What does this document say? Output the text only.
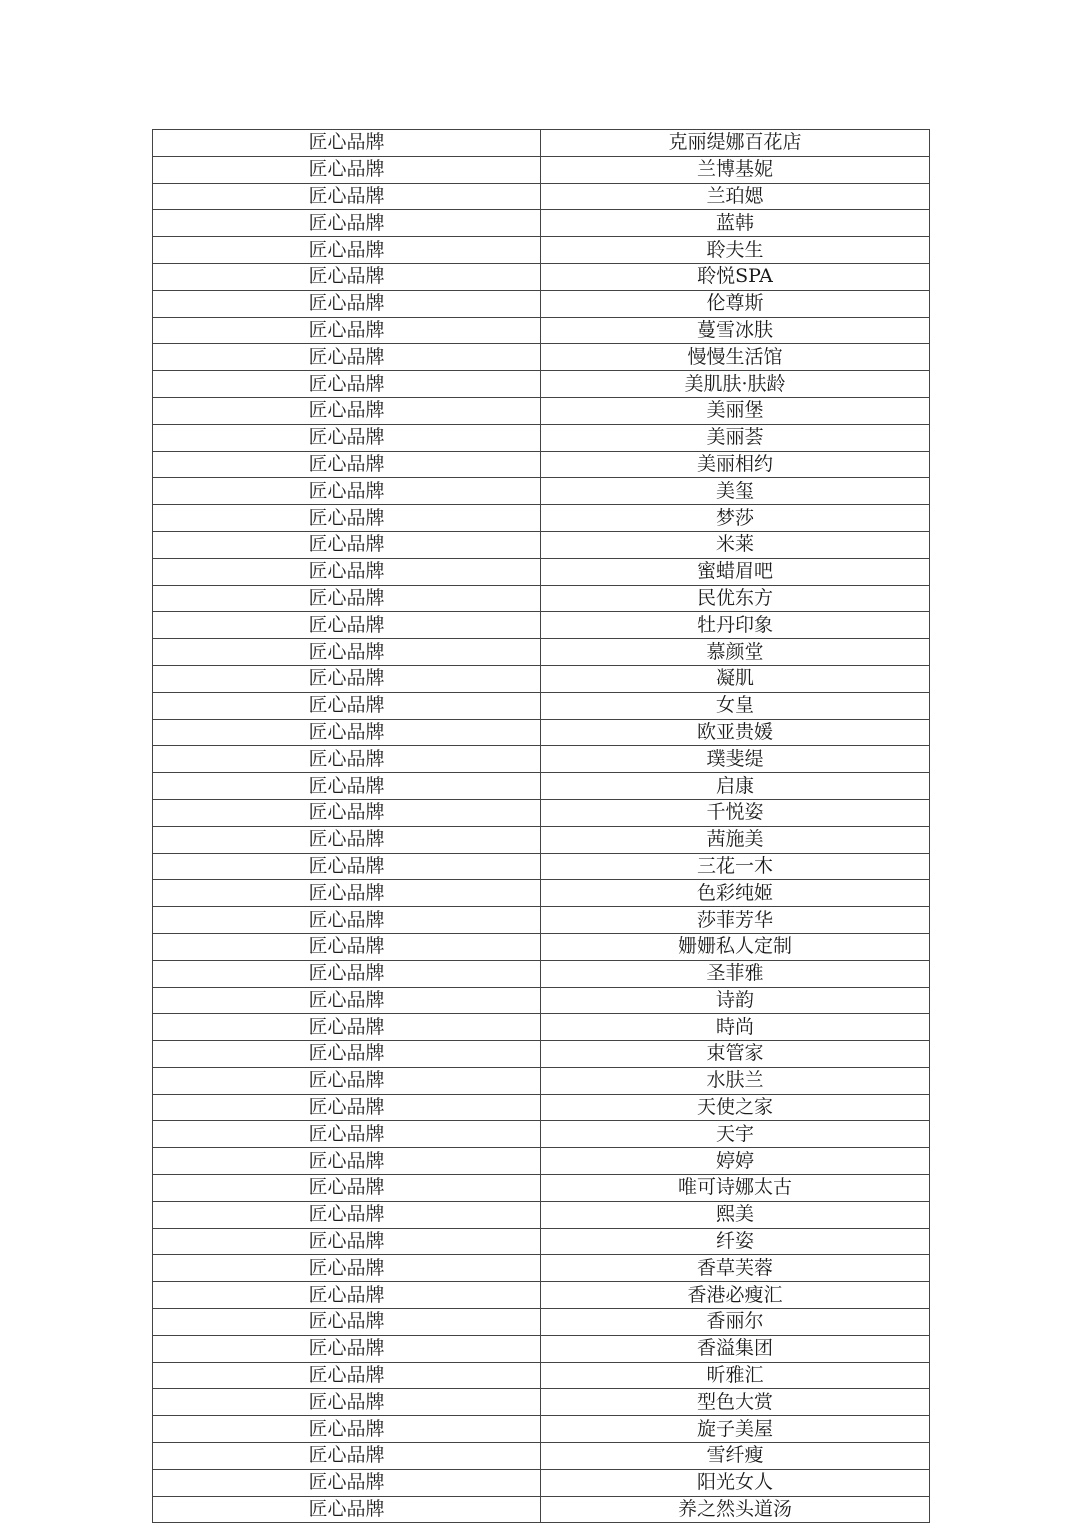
匠心品牌	克丽缇娜百花店
匠心品牌	兰博基妮
匠心品牌	兰珀媤
匠心品牌	蓝韩
匠心品牌	聆夫生
匠心品牌	聆悦SPA
匠心品牌	伦尊斯
匠心品牌	蔓雪冰肤
匠心品牌	慢慢生活馆
匠心品牌	美肌肤·肤龄
匠心品牌	美丽堡
匠心品牌	美丽荟
匠心品牌	美丽相约
匠心品牌	美玺
匠心品牌	梦莎
匠心品牌	米莱
匠心品牌	蜜蜡眉吧
匠心品牌	民优东方
匠心品牌	牡丹印象
匠心品牌	慕颜堂
匠心品牌	凝肌
匠心品牌	女皇
匠心品牌	欧亚贵媛
匠心品牌	璞斐缇
匠心品牌	启康
匠心品牌	千悦姿
匠心品牌	茜施美
匠心品牌	三花一木
匠心品牌	色彩纯姬
匠心品牌	莎菲芳华
匠心品牌	姗姗私人定制
匠心品牌	圣菲雅
匠心品牌	诗韵
匠心品牌	時尚
匠心品牌	束管家
匠心品牌	水肤兰
匠心品牌	天使之家
匠心品牌	天宇
匠心品牌	婷婷
匠心品牌	唯可诗娜太古
匠心品牌	熙美
匠心品牌	纤姿
匠心品牌	香草芙蓉
匠心品牌	香港必瘦汇
匠心品牌	香丽尔
匠心品牌	香溢集团
匠心品牌	昕雅汇
匠心品牌	型色大赏
匠心品牌	旋子美屋
匠心品牌	雪纤瘦
匠心品牌	阳光女人
匠心品牌	养之然头道汤
